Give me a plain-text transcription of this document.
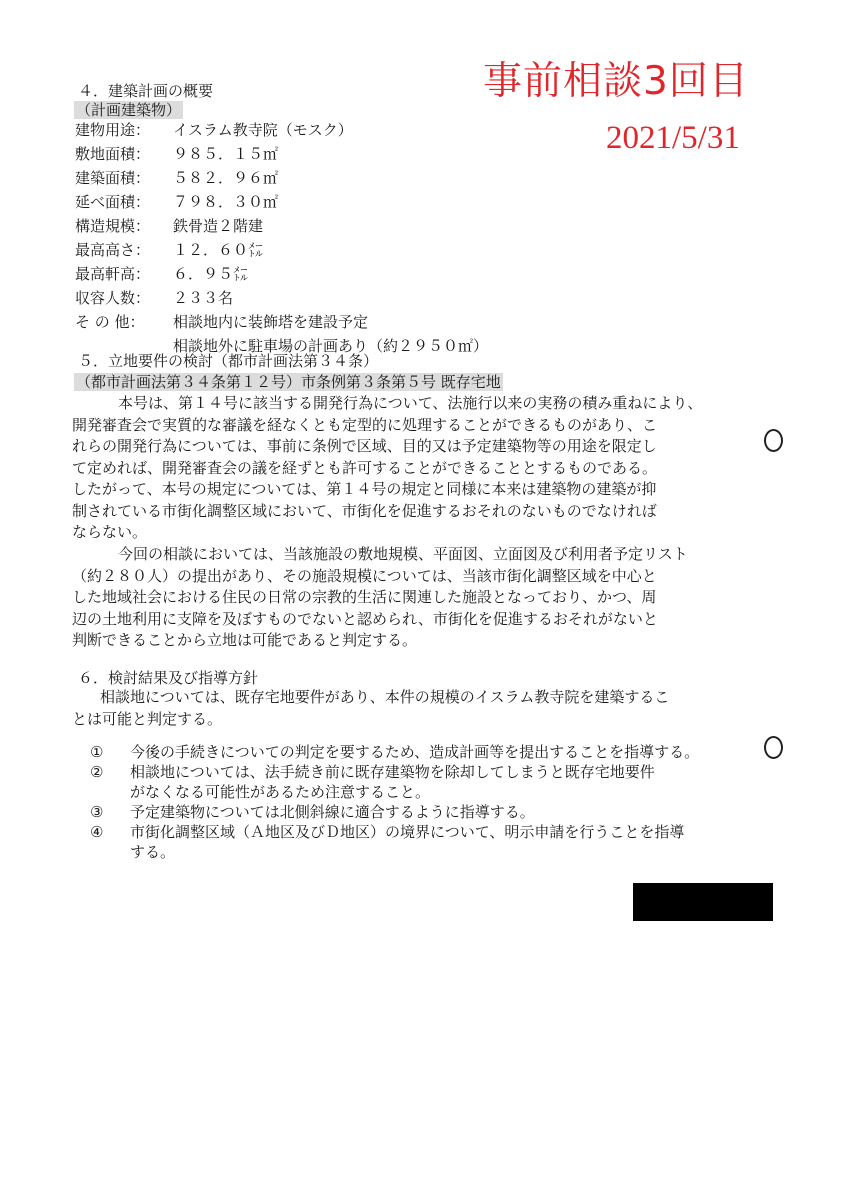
事前相談3回目
2021/5/31
４．建築計画の概要
（計画建築物）
建物用途： イスラム教寺院（モスク）
敷地面積： ９８５．１５㎡
建築面積： ５８２．９６㎡
延べ面積： ７９８．３０㎡
構造規模： 鉄骨造２階建
最高高さ： １２．６０㍍
最高軒高： ６．９５㍍
収容人数： ２３３名
そ の 他： 相談地内に装飾塔を建設予定
相談地外に駐車場の計画あり（約２９５０㎡）
５．立地要件の検討（都市計画法第３４条）
（都市計画法第３４条第１２号）市条例第３条第５号 既存宅地

本号は、第１４号に該当する開発行為について、法施行以来の実務の積み重ねにより、

開発審査会で実質的な審議を経なくとも定型的に処理することができるものがあり、こ

れらの開発行為については、事前に条例で区域、目的又は予定建築物等の用途を限定し

て定めれば、開発審査会の議を経ずとも許可することができることとするものである。

したがって、本号の規定については、第１４号の規定と同様に本来は建築物の建築が抑

制されている市街化調整区域において、市街化を促進するおそれのないものでなければ

ならない。

今回の相談においては、当該施設の敷地規模、平面図、立面図及び利用者予定リスト

（約２８０人）の提出があり、その施設規模については、当該市街化調整区域を中心と

した地域社会における住民の日常の宗教的生活に関連した施設となっており、かつ、周

辺の土地利用に支障を及ぼすものでないと認められ、市街化を促進するおそれがないと

判断できることから立地は可能であると判定する。

６．検討結果及び指導方針

相談地については、既存宅地要件があり、本件の規模のイスラム教寺院を建築するこ

とは可能と判定する。

① 今後の手続きについての判定を要するため、造成計画等を提出することを指導する。
② 相談地については、法手続き前に既存建築物を除却してしまうと既存宅地要件
がなくなる可能性があるため注意すること。
③ 予定建築物については北側斜線に適合するように指導する。
④ 市街化調整区域（Ａ地区及びＤ地区）の境界について、明示申請を行うことを指導
する。
